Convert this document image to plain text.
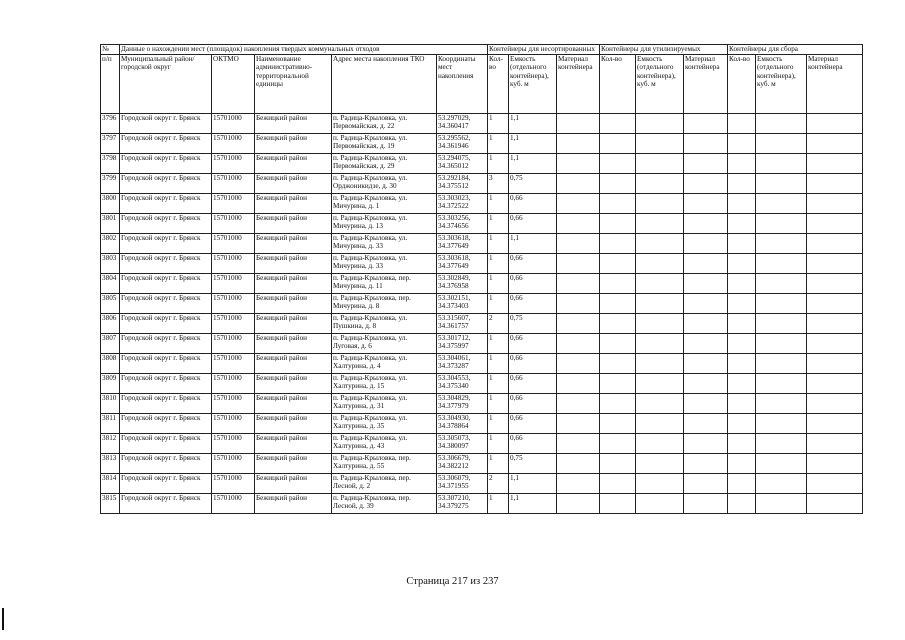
№	Данные о нахождении мест (площадок) накопления твердых коммунальных отходов					Контейнеры для несортированных			Контейнеры для утилизируемых			Контейнеры для сбора		
п/п	Муниципальный район/городской округ	ОКТМО	Наименование административно-территориальной единицы	Адрес места накопления ТКО	Координаты мест накопления	Кол-во	Емкость (отдельного контейнера), куб. м	Материал контейнера	Кол-во	Емкость (отдельного контейнера), куб. м	Материал контейнера	Кол-во	Емкость (отдельного контейнера), куб. м	Материал контейнера
3796	Городской округ г. Брянск	15701000	Бежицкий район	п. Радица-Крыловка, ул. Первомайская, д. 22	53.297029, 34.360417	1	1,1							
3797	Городской округ г. Брянск	15701000	Бежицкий район	п. Радица-Крыловка, ул. Первомайская, д. 19	53.295562, 34.361946	1	1,1							
3798	Городской округ г. Брянск	15701000	Бежицкий район	п. Радица-Крыловка, ул. Первомайская, д. 29	53.294075, 34.365012	1	1,1							
3799	Городской округ г. Брянск	15701000	Бежицкий район	п. Радица-Крыловка, ул. Орджоникидзе, д. 30	53.292184, 34.375512	3	0,75							
3800	Городской округ г. Брянск	15701000	Бежицкий район	п. Радица-Крыловка, ул. Мичурина, д. 1	53.303023, 34.372522	1	0,66							
3801	Городской округ г. Брянск	15701000	Бежицкий район	п. Радица-Крыловка, ул. Мичурина, д. 13	53.303256, 34.374656	1	0,66							
3802	Городской округ г. Брянск	15701000	Бежицкий район	п. Радица-Крыловка, ул. Мичурина, д. 33	53.303618, 34.377649	1	1,1							
3803	Городской округ г. Брянск	15701000	Бежицкий район	п. Радица-Крыловка, ул. Мичурина, д. 33	53.303618, 34.377649	1	0,66							
3804	Городской округ г. Брянск	15701000	Бежицкий район	п. Радица-Крыловка, пер. Мичурина, д. 11	53.302849, 34.376958	1	0,66							
3805	Городской округ г. Брянск	15701000	Бежицкий район	п. Радица-Крыловка, пер. Мичурина, д. 8	53.302151, 34.373403	1	0,66							
3806	Городской округ г. Брянск	15701000	Бежицкий район	п. Радица-Крыловка, ул. Пушкина, д. 8	53.315607, 34.361757	2	0,75							
3807	Городской округ г. Брянск	15701000	Бежицкий район	п. Радица-Крыловка, ул. Луговая, д. 6	53.301712, 34.375997	1	0,66							
3808	Городской округ г. Брянск	15701000	Бежицкий район	п. Радица-Крыловка, ул. Халтурина, д. 4	53.304061, 34.373287	1	0,66							
3809	Городской округ г. Брянск	15701000	Бежицкий район	п. Радица-Крыловка, ул. Халтурина, д. 15	53.304553, 34.375340	1	0,66							
3810	Городской округ г. Брянск	15701000	Бежицкий район	п. Радица-Крыловка, ул. Халтурина, д. 31	53.304829, 34.377979	1	0,66							
3811	Городской округ г. Брянск	15701000	Бежицкий район	п. Радица-Крыловка, ул. Халтурина, д. 35	53.304930, 34.378864	1	0,66							
3812	Городской округ г. Брянск	15701000	Бежицкий район	п. Радица-Крыловка, ул. Халтурина, д. 43	53.305073, 34.380097	1	0,66							
3813	Городской округ г. Брянск	15701000	Бежицкий район	п. Радица-Крыловка, пер. Халтурина, д. 55	53.306679, 34.382212	1	0,75							
3814	Городской округ г. Брянск	15701000	Бежицкий район	п. Радица-Крыловка, пер. Лесной, д. 2	53.306079, 34.371955	2	1,1							
3815	Городской округ г. Брянск	15701000	Бежицкий район	п. Радица-Крыловка, пер. Лесной, д. 39	53.307210, 34.379275	1	1,1							
Страница 217 из 237
